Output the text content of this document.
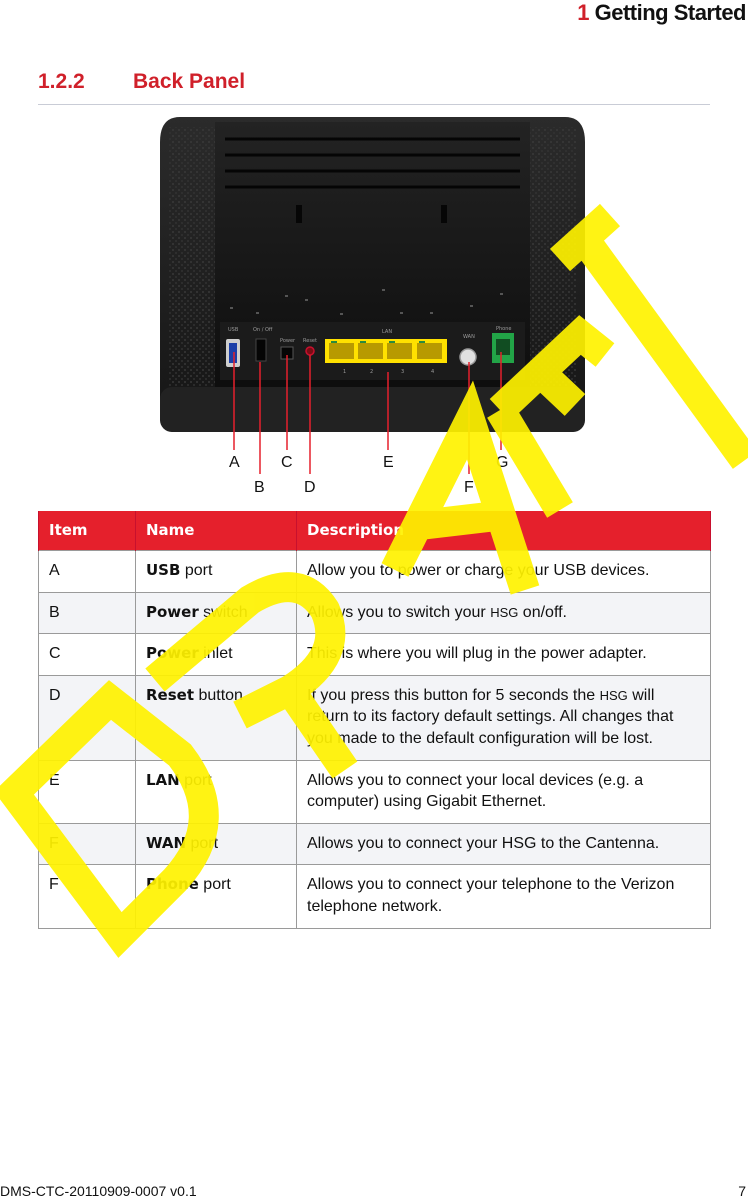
1 Getting Started
1.2.2 Back Panel
USB	On / Off
Power Reset
LAN
WAN
Phone
1	2	3	4
A
B
C
D
E
F
G
Item	Name	Description
A	USB port	Allow you to power or charge your USB devices.
B	Power switch	Allows you to switch your HSG on/off.
C	Power inlet	This is where you will plug in the power adapter.
D	Reset button	If you press this button for 5 seconds the HSG will return to its factory default settings. All changes that you made to the default configuration will be lost.
E	LAN port	Allows you to connect your local devices (e.g. a computer) using Gigabit Ethernet.
F	WAN port	Allows you to connect your HSG to the Cantenna.
F	Phone port	Allows you to connect your telephone to the Verizon telephone network.
DMS-CTC-20110909-0007 v0.1	7
